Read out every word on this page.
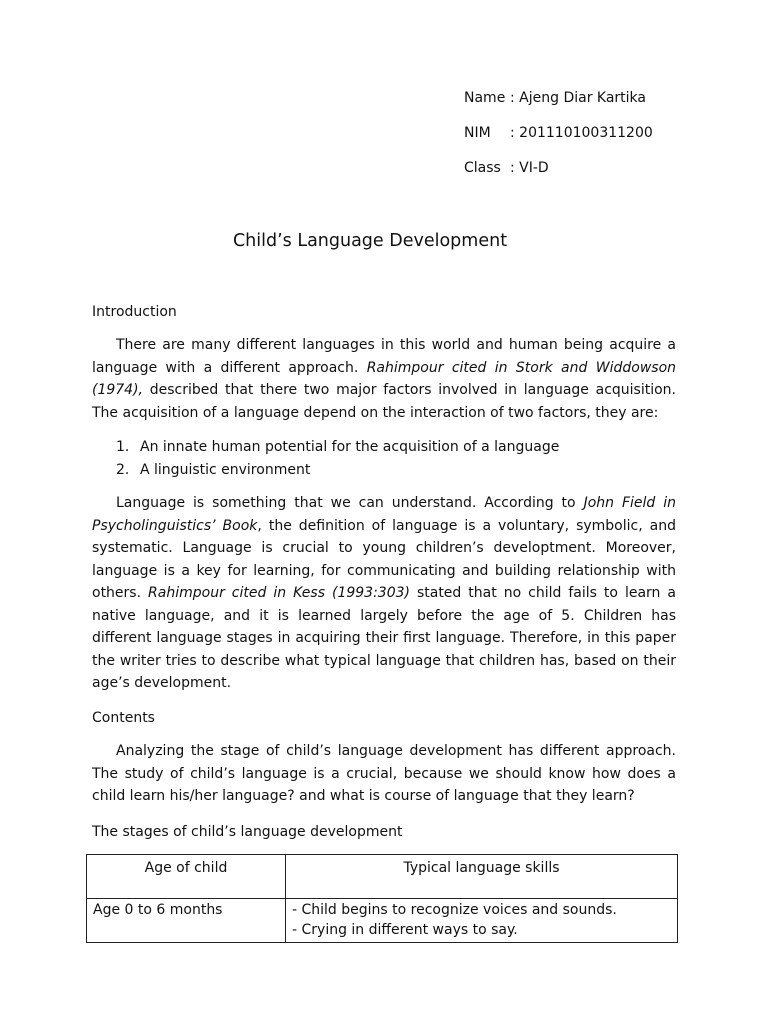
Name : Ajeng Diar Kartika
NIM	: 201110100311200
Class : VI-D
Child’s Language Development
Introduction

There are many different languages in this world and human being acquire a language with a different approach. Rahimpour cited in Stork and Widdowson (1974), described that there two major factors involved in language acquisition. The acquisition of a language depend on the interaction of two factors, they are:

1. An innate human potential for the acquisition of a language
2. A linguistic environment

Language is something that we can understand. According to John Field in Psycholinguistics’ Book, the definition of language is a voluntary, symbolic, and systematic. Language is crucial to young children’s developtment. Moreover, language is a key for learning, for communicating and building relationship with others. Rahimpour cited in Kess (1993:303) stated that no child fails to learn a native language, and it is learned largely before the age of 5. Children has different language stages in acquiring their first language. Therefore, in this paper the writer tries to describe what typical language that children has, based on their age’s development.

Contents

Analyzing the stage of child’s language development has different approach. The study of child’s language is a crucial, because we should know how does a child learn his/her language? and what is course of language that they learn?

The stages of child’s language development
Age of child	Typical language skills
Age 0 to 6 months	- Child begins to recognize voices and sounds.
- Crying in different ways to say.
